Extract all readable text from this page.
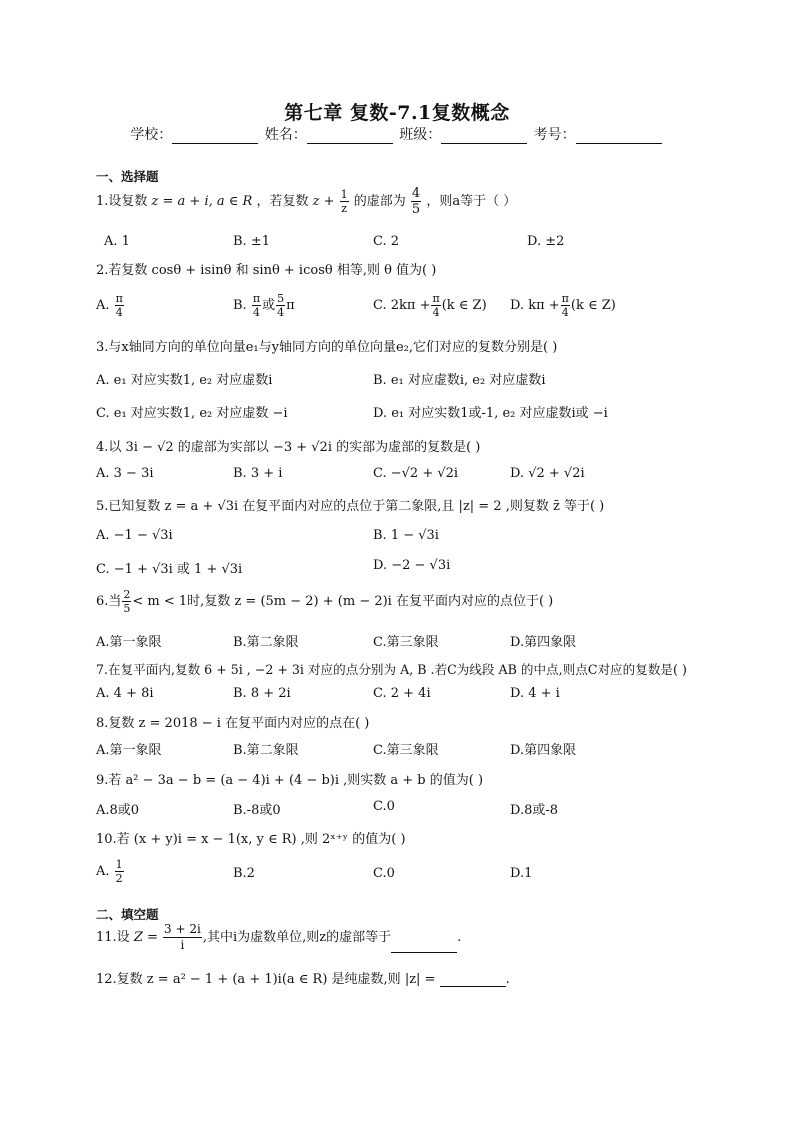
第七章 复数-7.1复数概念
学校：	姓名：	班级：	考号：
一、选择题
1.设复数 z = a + i, a ∈ R ，若复数 $z + \frac{1}{z}$ 的虚部为 $\frac{4}{5}$ ，则a等于（ ）
A. 1	B. ±1	C. 2	D. ±2
2.若复数 cosθ + isinθ 和 sinθ + icosθ 相等,则 θ 值为( )
A. $\frac{\pi}{4}$	B. $\frac{\pi}{4}$ 或 $\frac{5}{4}$ π	C. $2k\pi + \frac{\pi}{4} (k$ ∈ Z) D. $k\pi + \frac{\pi}{4} (k$ ∈ Z)
3.与x轴同方向的单位向量e₁与y轴同方向的单位向量e₂,它们对应的复数分别是( )
A. e₁ 对应实数1, e₂ 对应虚数i	B. e₁ 对应虚数i, e₂ 对应虚数i
C. e₁ 对应实数1, e₂ 对应虚数 −i	D. e₁ 对应实数1或-1, e₂ 对应虚数i或 −i
4.以 3i − √2 的虚部为实部以 −3 + √2i 的实部为虚部的复数是( )
A. 3 − 3i	B. 3 + i	C. −√2 + √2i	D. √2 + √2i
5.已知复数 z = a + √3i 在复平面内对应的点位于第二象限,且 |z| = 2 ,则复数 z̄ 等于( )
A. −1 − √3i	B. 1 − √3i
C. −1 + √3i 或 1 + √3i	D. −2 − √3i
6.当 $\frac{2}{5} < m < 1$时,复数 z = (5m − 2) + (m − 2)i 在复平面内对应的点位于( )
A.第一象限	B.第二象限	C.第三象限	D.第四象限
7.在复平面内,复数 6 + 5i , −2 + 3i 对应的点分别为 A, B .若C为线段 AB 的中点,则点C对应的复数是( )
A. 4 + 8i	B. 8 + 2i	C. 2 + 4i	D. 4 + i
8.复数 z = 2018 − i 在复平面内对应的点在( )
A.第一象限	B.第二象限	C.第三象限	D.第四象限
9.若 a² − 3a − b = (a − 4)i + (4 − b)i ,则实数 a + b 的值为( )
A.8或0	B.-8或0	C.0	D.8或-8
10.若 (x + y)i = x − 1(x, y ∈ R) ,则 2ˣ⁺ʸ 的值为( )
A. $\frac{1}{2}$	B.2	C.0	D.1
二、填空题
11.设 $Z = \frac{3 + 2i}{i}$ ,其中i为虚数单位,则z的虚部等于	.
12.复数 z = a² − 1 + (a + 1)i(a ∈ R) 是纯虚数,则 |z| =	.
